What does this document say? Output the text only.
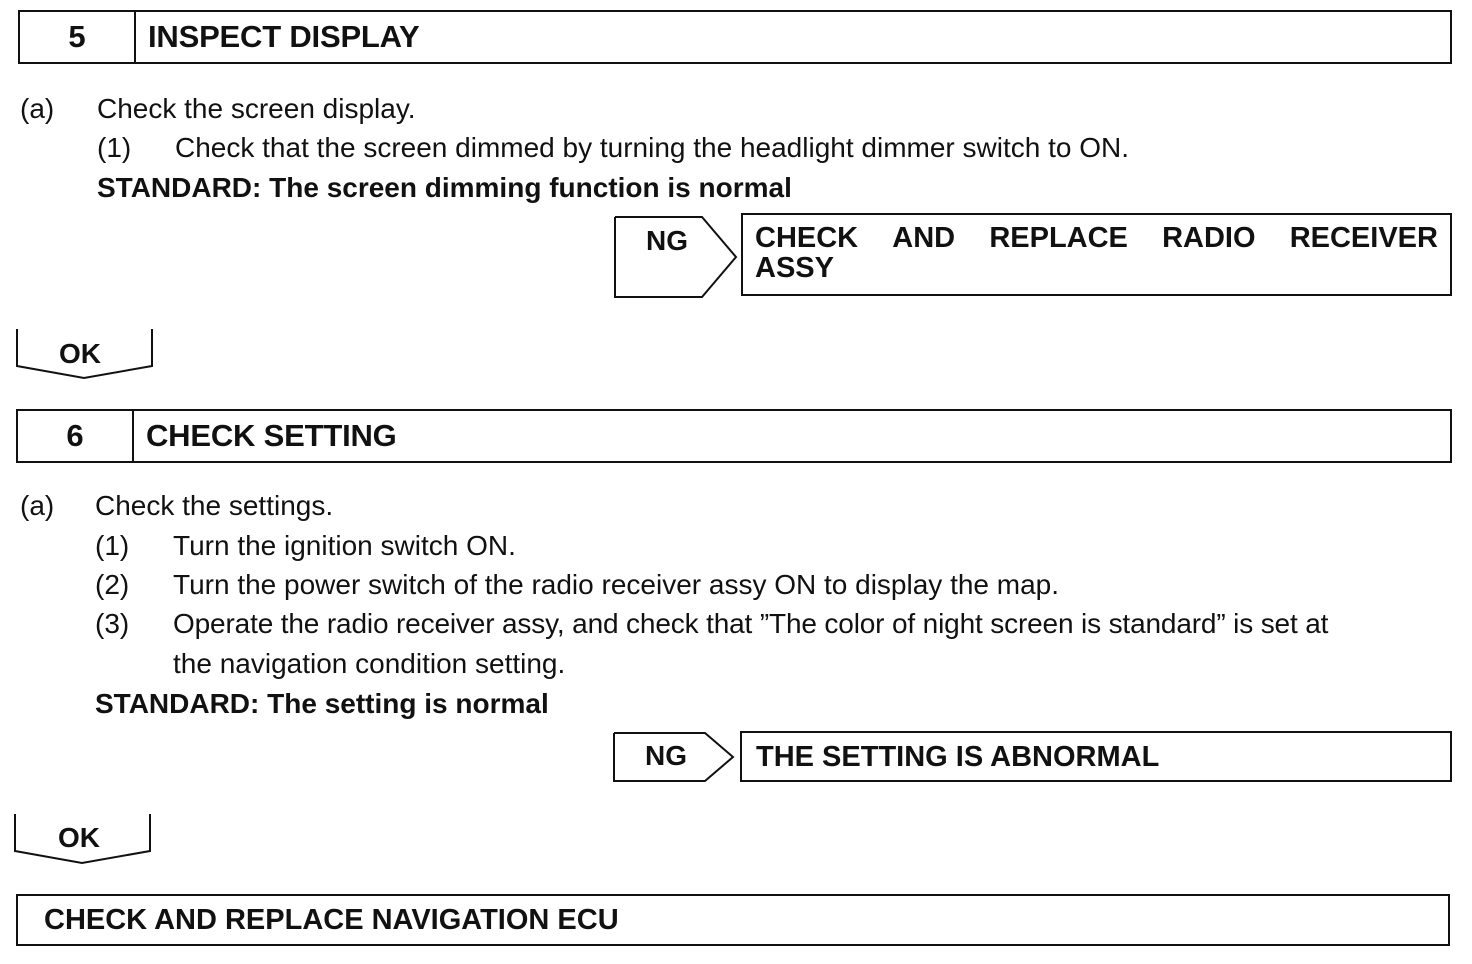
5	INSPECT DISPLAY
(a) Check the screen display.
(1) Check that the screen dimmed by turning the headlight dimmer switch to ON.
STANDARD: The screen dimming function is normal
NG CHECK AND REPLACE RADIO RECEIVER
ASSY
OK
6	CHECK SETTING
(a) Check the settings.
(1) Turn the ignition switch ON.
(2) Turn the power switch of the radio receiver assy ON to display the map.
(3) Operate the radio receiver assy, and check that ”The color of night screen is standard” is set at
the navigation condition setting.
STANDARD: The setting is normal
NG	THE SETTING IS ABNORMAL
OK
CHECK AND REPLACE NAVIGATION ECU
